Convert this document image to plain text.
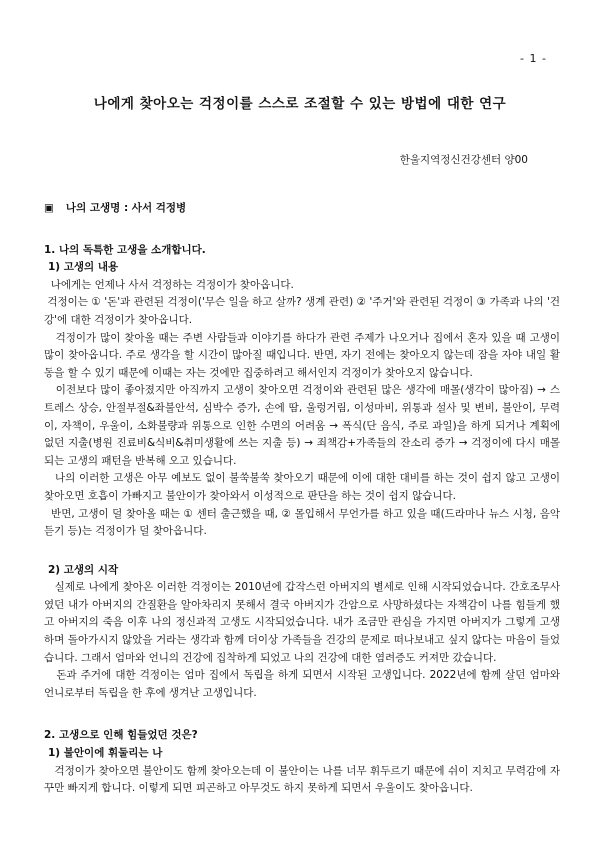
- 1 -
나에게 찾아오는 걱정이를 스스로 조절할 수 있는 방법에 대한 연구
한울지역정신건강센터 양00
▣ 나의 고생명 : 사서 걱정병
1. 나의 독특한 고생을 소개합니다.
1) 고생의 내용

나에게는 언제나 사서 걱정하는 걱정이가 찾아옵니다.

걱정이는 ① '돈'과 관련된 걱정이('무슨 일을 하고 살까? 생계 관련) ② '주거'와 관련된 걱정이 ③ 가족과 나의 '건강'에 대한 걱정이가 찾아옵니다.

걱정이가 많이 찾아올 때는 주변 사람들과 이야기를 하다가 관련 주제가 나오거나 집에서 혼자 있을 때 고생이 많이 찾아옵니다. 주로 생각을 할 시간이 많아질 때입니다. 반면, 자기 전에는 찾아오지 않는데 잠을 자야 내일 활동을 할 수 있기 때문에 이때는 자는 것에만 집중하려고 해서인지 걱정이가 찾아오지 않습니다.

이전보다 많이 좋아졌지만 아직까지 고생이 찾아오면 걱정이와 관련된 많은 생각에 매몰(생각이 많아짐) → 스트레스 상승, 안절부절&좌불안석, 심박수 증가, 손에 땀, 울렁거림, 이성마비, 위통과 설사 및 변비, 불안이, 무력이, 자책이, 우울이, 소화불량과 위통으로 인한 수면의 어려움 → 폭식(단 음식, 주로 과일)을 하게 되거나 계획에 없던 지출(병원 진료비&식비&취미생활에 쓰는 지출 등) → 죄책감+가족들의 잔소리 증가 → 걱정이에 다시 매몰되는 고생의 패턴을 반복해 오고 있습니다.

나의 이러한 고생은 아무 예보도 없이 불쑥불쑥 찾아오기 때문에 이에 대한 대비를 하는 것이 쉽지 않고 고생이 찾아오면 호흡이 가빠지고 불안이가 찾아와서 이성적으로 판단을 하는 것이 쉽지 않습니다.

반면, 고생이 덜 찾아올 때는 ① 센터 출근했을 때, ② 몰입해서 무언가를 하고 있을 때(드라마나 뉴스 시청, 음악 듣기 등)는 걱정이가 덜 찾아옵니다.

2) 고생의 시작

실제로 나에게 찾아온 이러한 걱정이는 2010년에 갑작스런 아버지의 별세로 인해 시작되었습니다. 간호조무사였던 내가 아버지의 간질환을 알아차리지 못해서 결국 아버지가 간암으로 사망하셨다는 자책감이 나를 힘들게 했고 아버지의 죽음 이후 나의 정신과적 고생도 시작되었습니다. 내가 조금만 관심을 가지면 아버지가 그렇게 고생하며 돌아가시지 않았을 거라는 생각과 함께 더이상 가족들을 건강의 문제로 떠나보내고 싶지 않다는 마음이 들었습니다. 그래서 엄마와 언니의 건강에 집착하게 되었고 나의 건강에 대한 염려증도 커져만 갔습니다.

돈과 주거에 대한 걱정이는 엄마 집에서 독립을 하게 되면서 시작된 고생입니다. 2022년에 함께 살던 엄마와 언니로부터 독립을 한 후에 생겨난 고생입니다.

2. 고생으로 인해 힘들었던 것은?
1) 불안이에 휘둘리는 나

걱정이가 찾아오면 불안이도 함께 찾아오는데 이 불안이는 나를 너무 휘두르기 때문에 쉬이 지치고 무력감에 자꾸만 빠지게 합니다. 이렇게 되면 피곤하고 아무것도 하지 못하게 되면서 우울이도 찾아옵니다.
